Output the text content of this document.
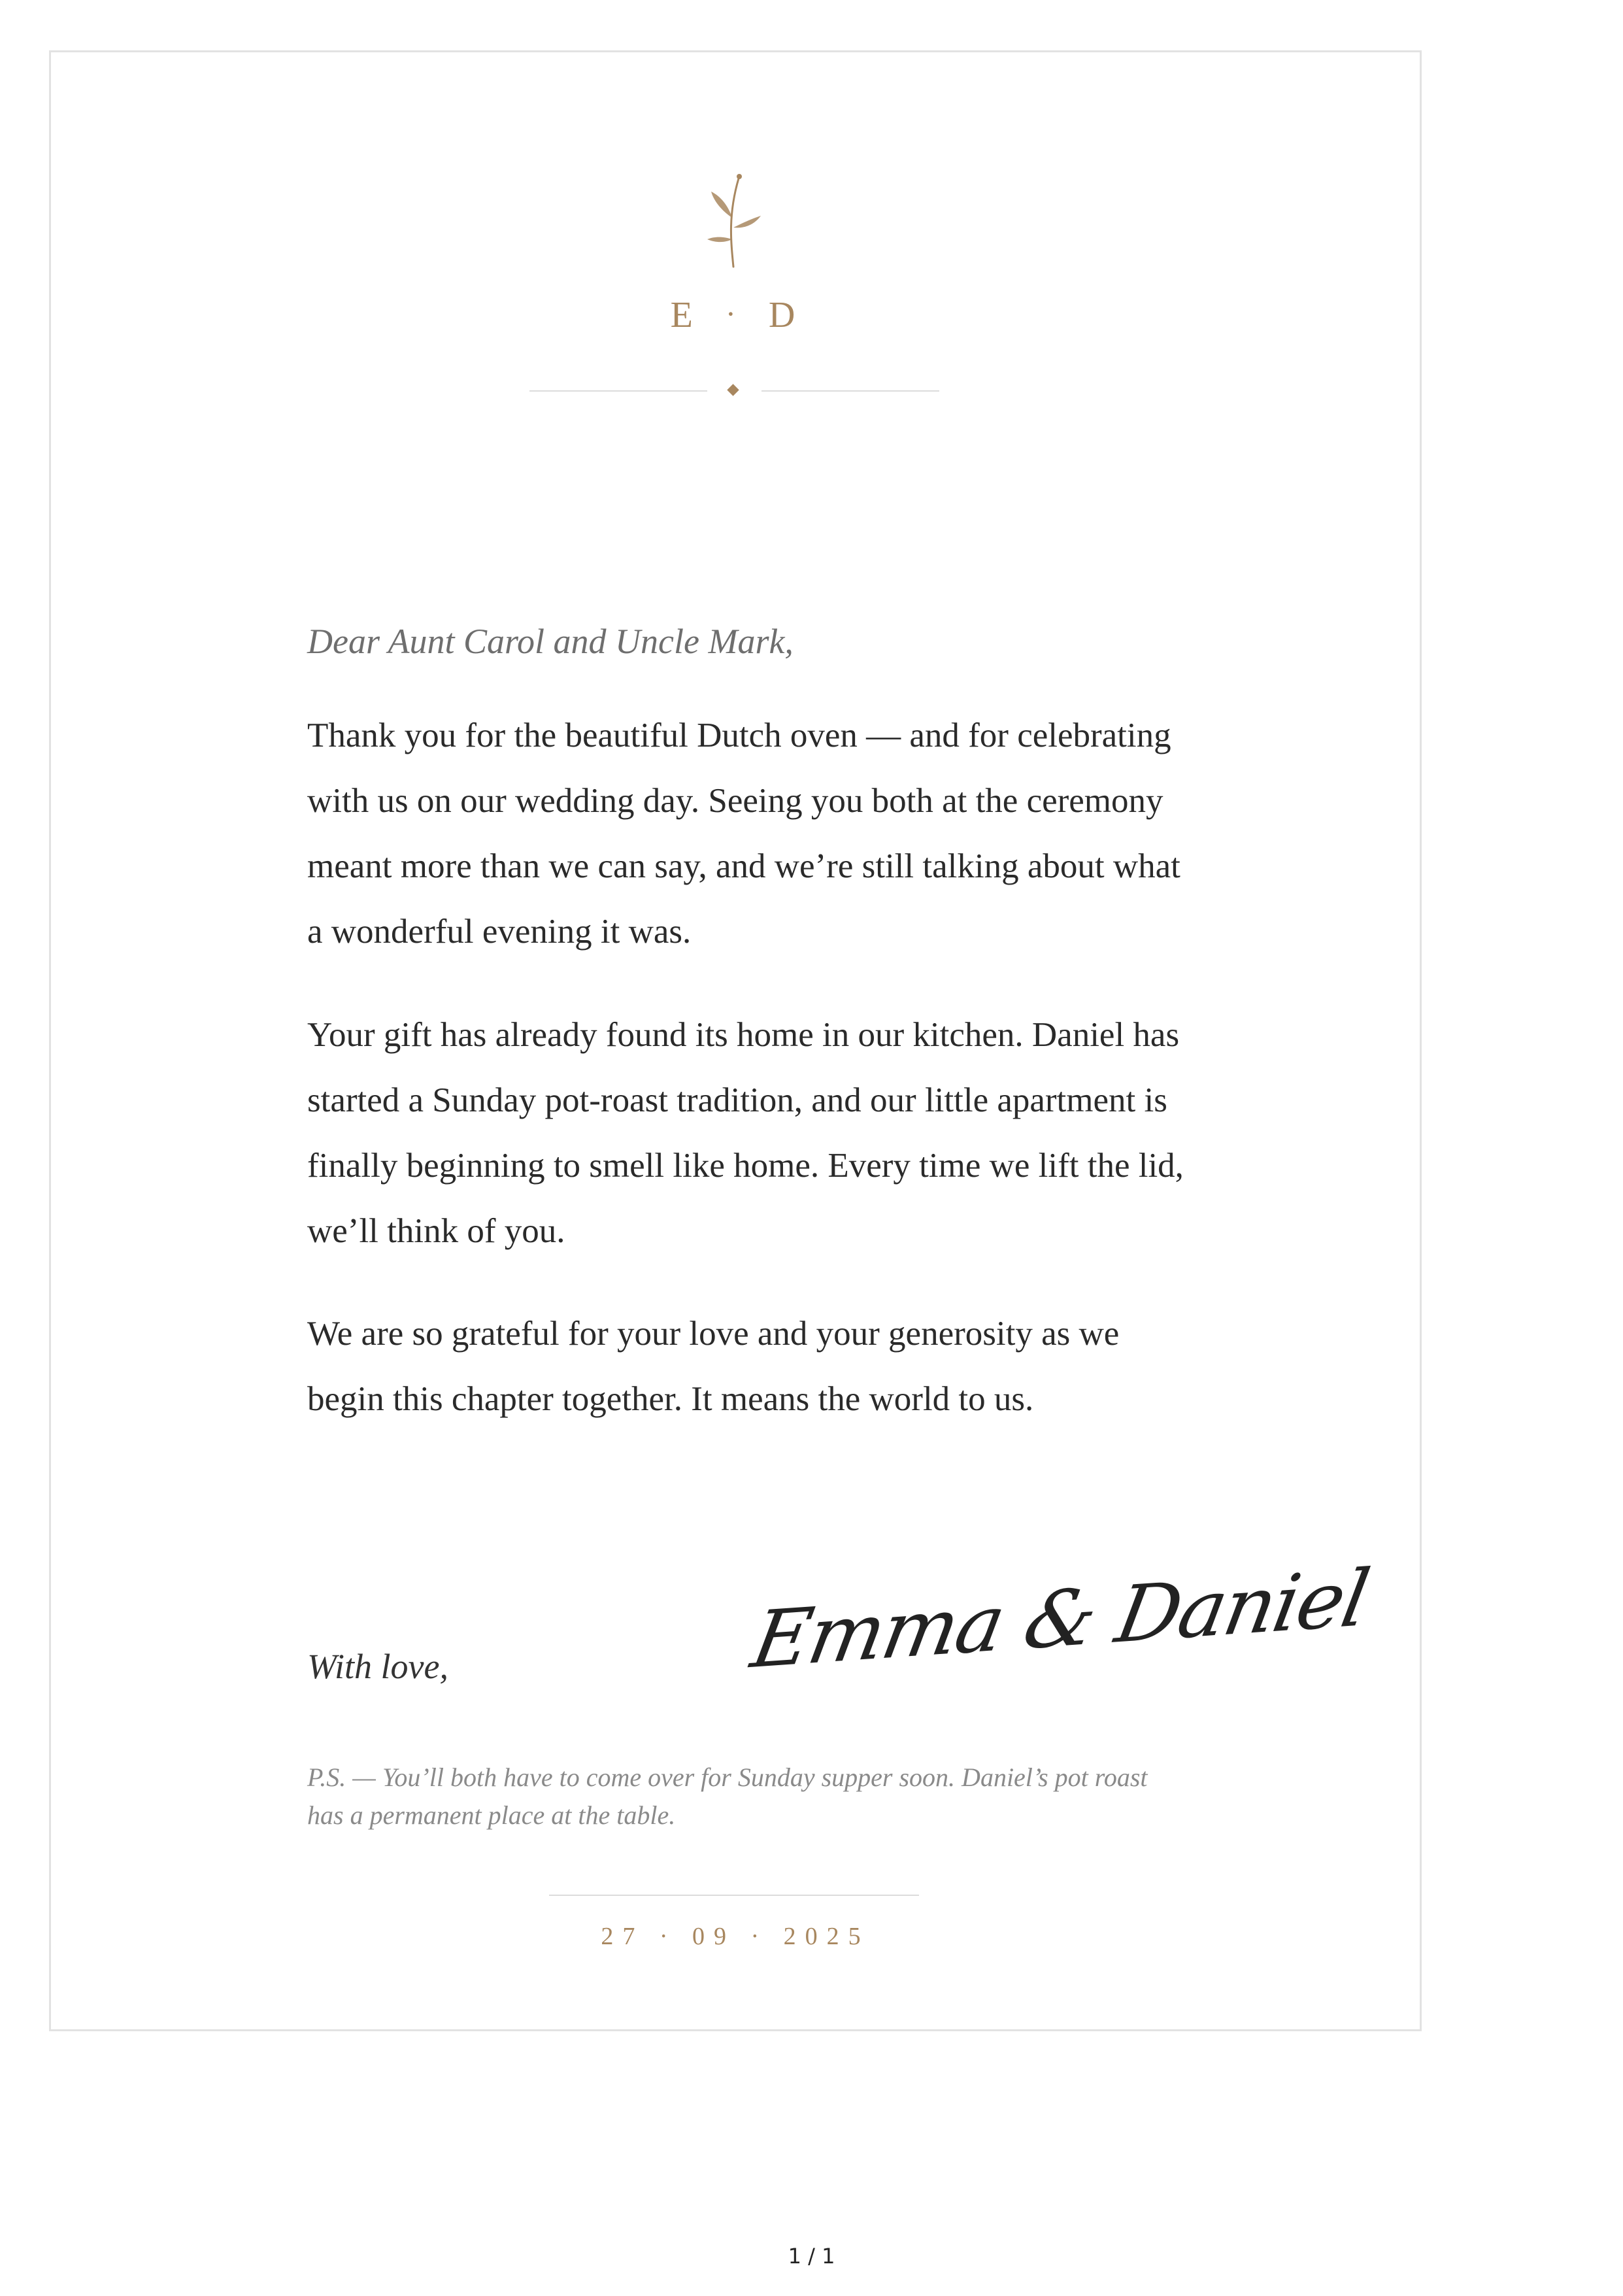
E · D
Dear Aunt Carol and Uncle Mark,

Thank you for the beautiful Dutch oven — and for celebrating with us on our wedding day. Seeing you both at the ceremony meant more than we can say, and we’re still talking about what a wonderful evening it was.

Your gift has already found its home in our kitchen. Daniel has started a Sunday pot-roast tradition, and our little apartment is finally beginning to smell like home. Every time we lift the lid, we’ll think of you.

We are so grateful for your love and your generosity as we begin this chapter together. It means the world to us.

With love,	Emma & Daniel

P.S. — You’ll both have to come over for Sunday supper soon. Daniel’s pot roast has a permanent place at the table.

27 · 09 · 2025
1 / 1
